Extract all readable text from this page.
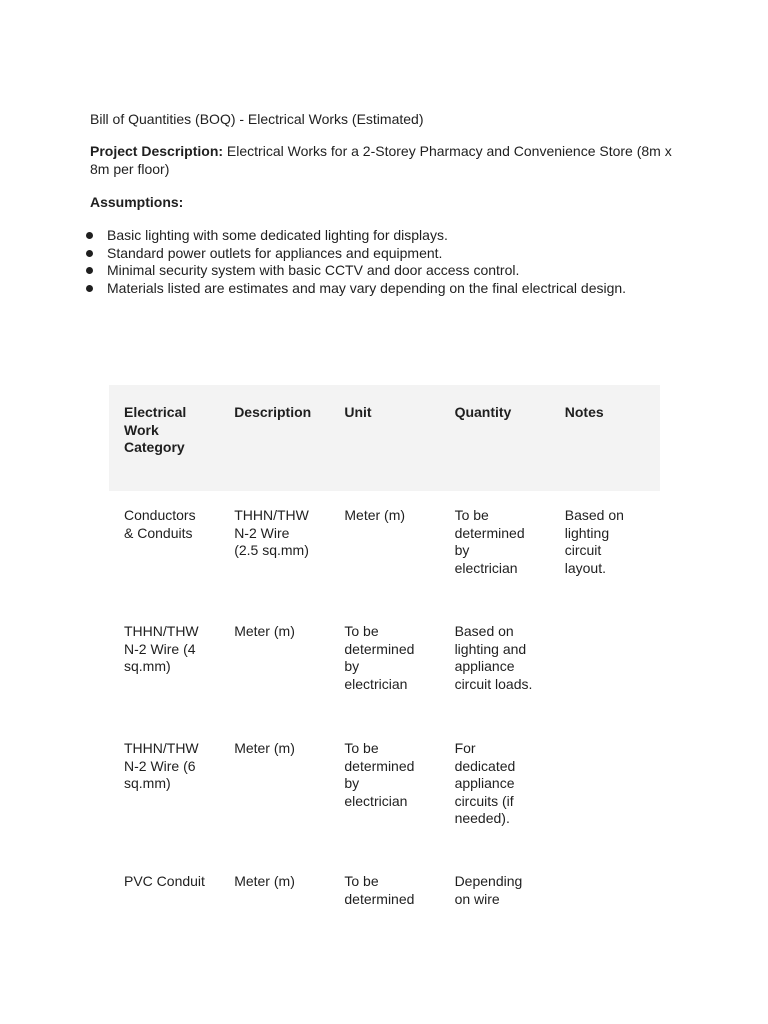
Bill of Quantities (BOQ) - Electrical Works (Estimated)

Project Description: Electrical Works for a 2-Storey Pharmacy and Convenience Store (8m x 8m per floor)

Assumptions:

Basic lighting with some dedicated lighting for displays.
Standard power outlets for appliances and equipment.
Minimal security system with basic CCTV and door access control.
Materials listed are estimates and may vary depending on the final electrical design.
Electrical Work Category	Description	Unit	Quantity	Notes
Conductors & Conduits	THHN/THW N-2 Wire (2.5 sq.mm)	Meter (m)	To be determined by electrician	Based on lighting circuit layout.
THHN/THW N-2 Wire (4 sq.mm)	Meter (m)	To be determined by electrician	Based on lighting and appliance circuit loads.	
THHN/THW N-2 Wire (6 sq.mm)	Meter (m)	To be determined by electrician	For dedicated appliance circuits (if needed).	
PVC Conduit	Meter (m)	To be determined	Depending on wire	
